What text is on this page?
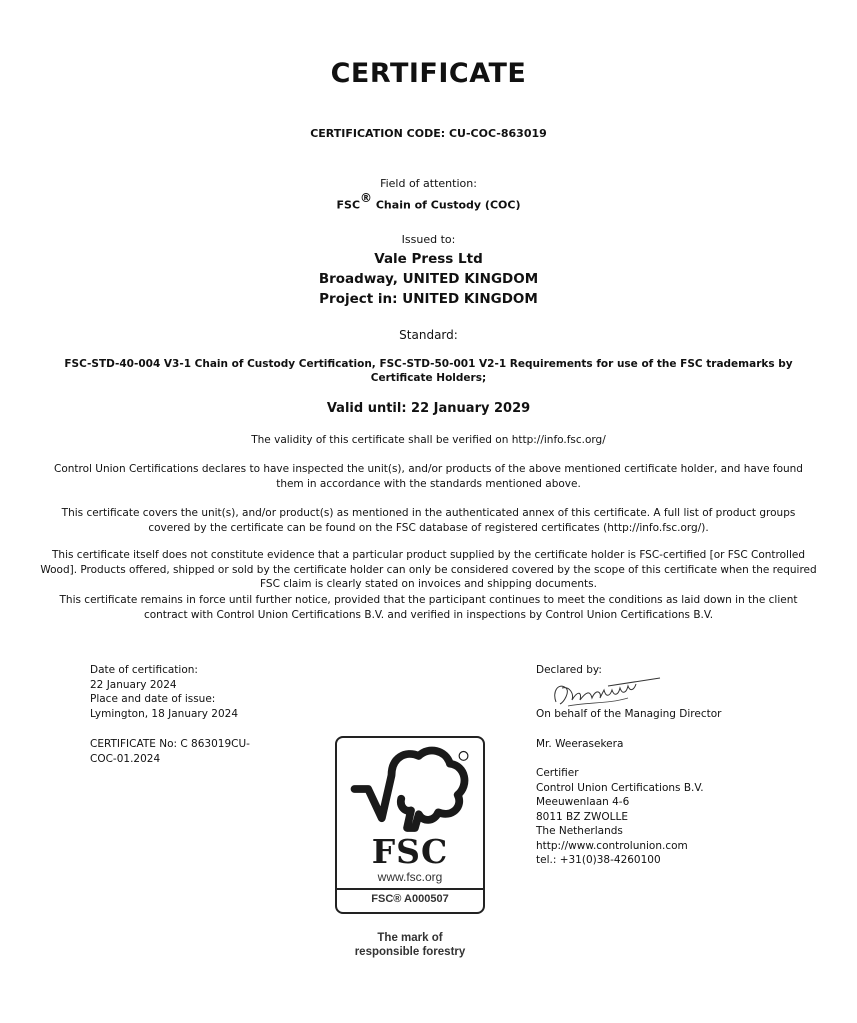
CERTIFICATE
CERTIFICATION CODE: CU-COC-863019
Field of attention:
FSC® Chain of Custody (COC)
Issued to:
Vale Press Ltd
Broadway, UNITED KINGDOM
Project in: UNITED KINGDOM
Standard:
FSC-STD-40-004 V3-1 Chain of Custody Certification, FSC-STD-50-001 V2-1 Requirements for use of the FSC trademarks by Certificate Holders;
Valid until: 22 January 2029
The validity of this certificate shall be verified on http://info.fsc.org/
Control Union Certifications declares to have inspected the unit(s), and/or products of the above mentioned certificate holder, and have found them in accordance with the standards mentioned above.
This certificate covers the unit(s), and/or product(s) as mentioned in the authenticated annex of this certificate. A full list of product groups covered by the certificate can be found on the FSC database of registered certificates (http://info.fsc.org/).
This certificate itself does not constitute evidence that a particular product supplied by the certificate holder is FSC-certified [or FSC Controlled Wood]. Products offered, shipped or sold by the certificate holder can only be considered covered by the scope of this certificate when the required FSC claim is clearly stated on invoices and shipping documents.
This certificate remains in force until further notice, provided that the participant continues to meet the conditions as laid down in the client contract with Control Union Certifications B.V. and verified in inspections by Control Union Certifications B.V.
Date of certification:
22 January 2024
Place and date of issue:
Lymington, 18 January 2024
CERTIFICATE No: C 863019CU-
COC-01.2024
Declared by:
On behalf of the Managing Director
Mr. Weerasekera
Certifier
Control Union Certifications B.V.
Meeuwenlaan 4-6
8011 BZ ZWOLLE
The Netherlands
http://www.controlunion.com
tel.: +31(0)38-4260100
FSC
www.fsc.org
FSC® A000507
The mark of
responsible forestry
